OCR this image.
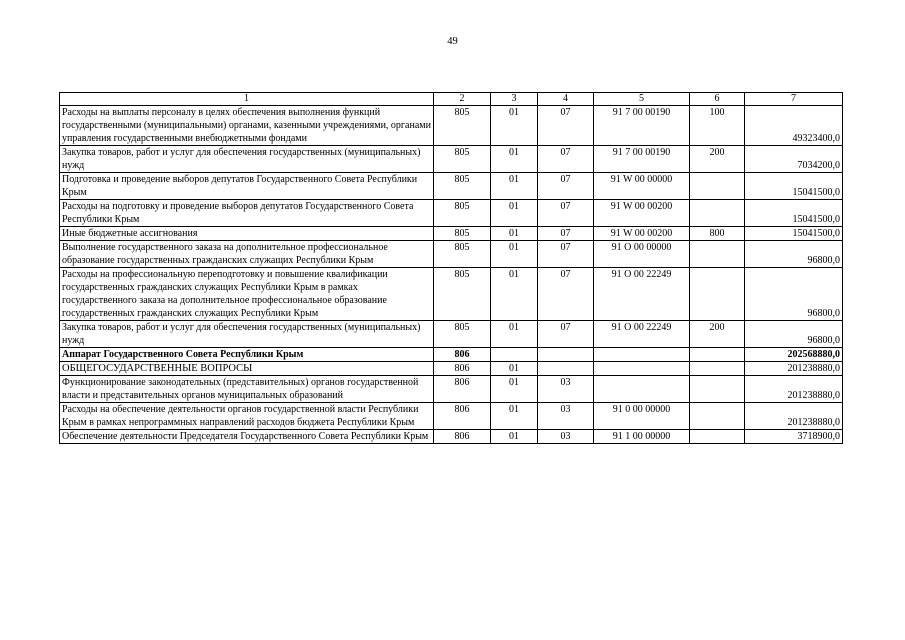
49
1	2	3	4	5	6	7
Расходы на выплаты персоналу в целях обеспечения выполнения функций государственными (муниципальными) органами, казенными учреждениями, органами управления государственными внебюджетными фондами	805	01	07	91 7 00 00190	100	49323400,0
Закупка товаров, работ и услуг для обеспечения государственных (муниципальных) нужд	805	01	07	91 7 00 00190	200	7034200,0
Подготовка и проведение выборов депутатов Государственного Совета Республики Крым	805	01	07	91 W 00 00000		15041500,0
Расходы на подготовку и проведение выборов депутатов Государственного Совета Республики Крым	805	01	07	91 W 00 00200		15041500,0
Иные бюджетные ассигнования	805	01	07	91 W 00 00200	800	15041500,0
Выполнение государственного заказа на дополнительное профессиональное образование государственных гражданских служащих Республики Крым	805	01	07	91 О 00 00000		96800,0
Расходы на профессиональную переподготовку и повышение квалификации государственных гражданских служащих Республики Крым в рамках государственного заказа на дополнительное профессиональное образование государственных гражданских служащих Республики Крым	805	01	07	91 О 00 22249		96800,0
Закупка товаров, работ и услуг для обеспечения государственных (муниципальных) нужд	805	01	07	91 О 00 22249	200	96800,0
Аппарат Государственного Совета Республики Крым	806					202568880,0
ОБЩЕГОСУДАРСТВЕННЫЕ ВОПРОСЫ	806	01				201238880,0
Функционирование законодательных (представительных) органов государственной власти и представительных органов муниципальных образований	806	01	03			201238880,0
Расходы на обеспечение деятельности органов государственной власти Республики Крым в рамках непрограммных направлений расходов бюджета Республики Крым	806	01	03	91 0 00 00000		201238880,0
Обеспечение деятельности Председателя Государственного Совета Республики Крым	806	01	03	91 1 00 00000		3718900,0
